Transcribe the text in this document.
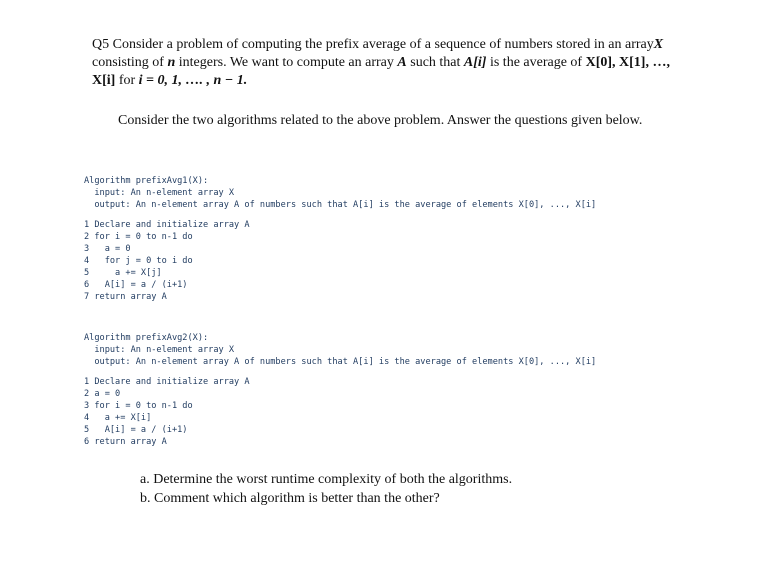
Q5 Consider a problem of computing the prefix average of a sequence of numbers stored in an arrayX consisting of n integers. We want to compute an array A such that A[i] is the average of X[0], X[1], …, X[i] for i = 0, 1, …. , n − 1.
Consider the two algorithms related to the above problem. Answer the questions given below.
Algorithm prefixAvg1(X):
input: An n-element array X
output: An n-element array A of numbers such that A[i] is the average of elements X[0], ..., X[i]
1 Declare and initialize array A
2 for i = 0 to n-1 do
3   a = 0
4   for j = 0 to i do
5     a += X[j]
6   A[i] = a / (i+1)
7 return array A
Algorithm prefixAvg2(X):
input: An n-element array X
output: An n-element array A of numbers such that A[i] is the average of elements X[0], ..., X[i]
1 Declare and initialize array A
2 a = 0
3 for i = 0 to n-1 do
4   a += X[i]
5   A[i] = a / (i+1)
6 return array A
a. Determine the worst runtime complexity of both the algorithms.
b. Comment which algorithm is better than the other?
